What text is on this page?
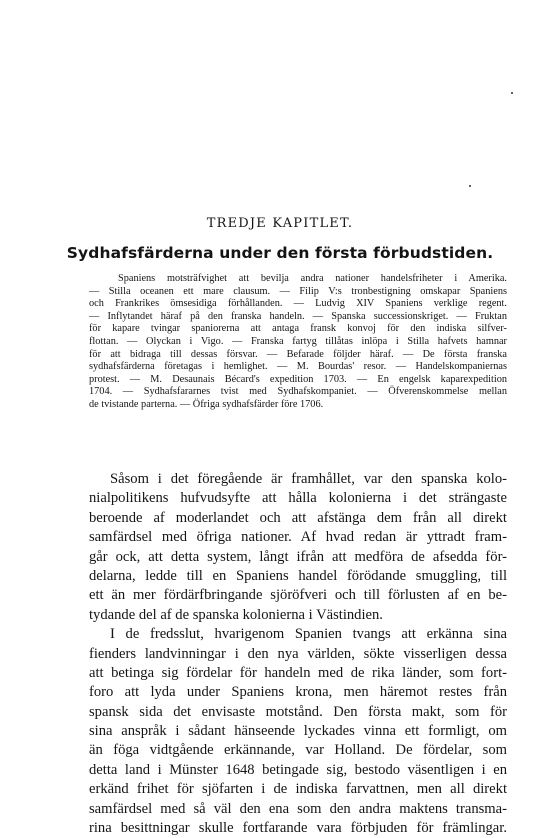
TREDJE KAPITLET.
Sydhafsfärderna under den första förbudstiden.
Spaniens motsträfvighet att bevilja andra nationer handelsfriheter i Amerika.
— Stilla oceanen ett mare clausum. — Filip V:s tronbestigning omskapar Spaniens
och Frankrikes ömsesidiga förhållanden. — Ludvig XIV Spaniens verklige regent.
— Inflytandet häraf på den franska handeln. — Spanska successionskriget. — Fruktan
för kapare tvingar spaniorerna att antaga fransk konvoj för den indiska silfver-
flottan. — Olyckan i Vigo. — Franska fartyg tillåtas inlöpa i Stilla hafvets hamnar
för att bidraga till dessas försvar. — Befarade följder häraf. — De första franska
sydhafsfärderna företagas i hemlighet. — M. Bourdas' resor. — Handelskompaniernas
protest. — M. Desaunais Bécard's expedition 1703. — En engelsk kaparexpedition
1704. — Sydhafsfararnes tvist med Sydhafskompaniet. — Öfverenskommelse mellan
de tvistande parterna. — Öfriga sydhafsfärder före 1706.
Såsom i det föregående är framhållet, var den spanska kolo-
nialpolitikens hufvudsyfte att hålla kolonierna i det strängaste
beroende af moderlandet och att afstänga dem från all direkt
samfärdsel med öfriga nationer. Af hvad redan är yttradt fram-
går ock, att detta system, långt ifrån att medföra de afsedda för-
delarna, ledde till en Spaniens handel förödande smuggling, till
ett än mer fördärfbringande sjöröfveri och till förlusten af en be-
tydande del af de spanska kolonierna i Västindien.
I de fredsslut, hvarigenom Spanien tvangs att erkänna sina
fienders landvinningar i den nya världen, sökte visserligen dessa
att betinga sig fördelar för handeln med de rika länder, som fort-
foro att lyda under Spaniens krona, men häremot restes från
spansk sida det envisaste motstånd. Den första makt, som för
sina anspråk i sådant hänseende lyckades vinna ett formligt, om
än föga vidtgående erkännande, var Holland. De fördelar, som
detta land i Münster 1648 betingade sig, bestodo väsentligen i en
erkänd frihet för sjöfarten i de indiska farvattnen, men all direkt
samfärdsel med så väl den ena som den andra maktens transma-
rina besittningar skulle fortfarande vara förbjuden för främlingar.
